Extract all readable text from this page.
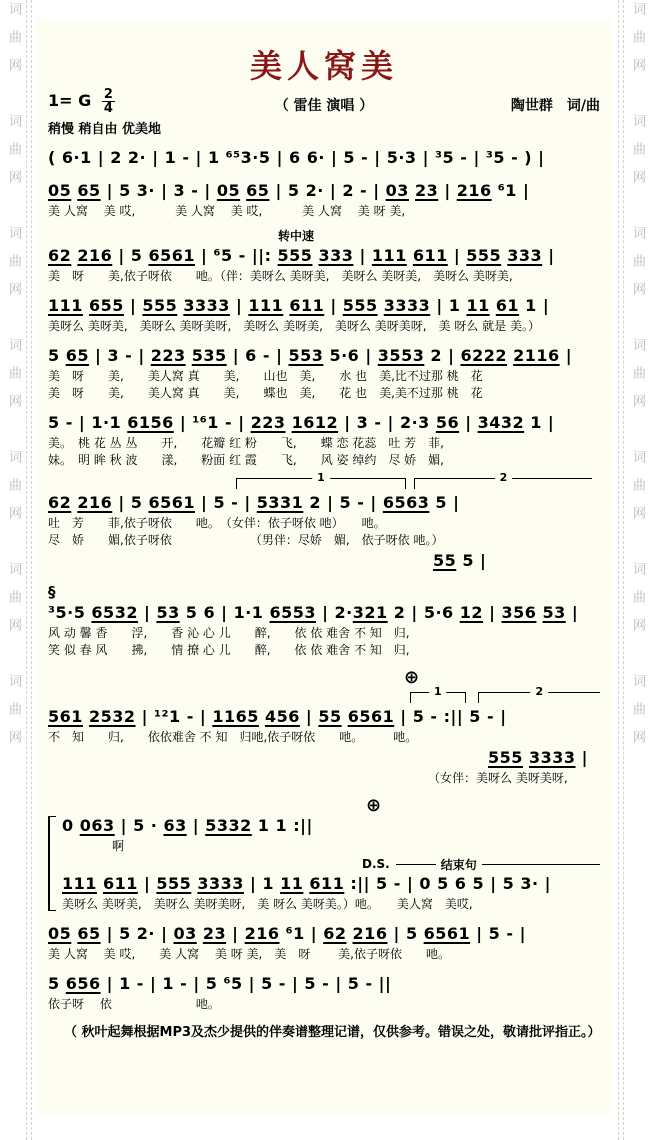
词曲网　词曲网　词曲网　词曲网　词曲网　词曲网　词曲网	词曲网　词曲网　词曲网　词曲网　词曲网　词曲网　词曲网
美人窝美
1= G $\frac{2}{4}$	（ 雷佳 演唱 ）	陶世群　词/曲
稍慢 稍自由 优美地
( 6·1 | 2 2· | 1 - | 1 ⁶⁵3·5 | 6 6· | 5 - | 5·3 | ³5 - | ³5 - ) |
05 65 | 5 3· | 3 - | 05 65 | 5 2· | 2 - | 03 23 | 216 ⁶1 |
美 人窝　 美 哎,　　　 美 人窝　 美 哎,　　　 美 人窝　 美 呀 美,
转中速
62 216 | 5 6561 | ⁶5 - ||: 555 333 | 111 611 | 555 333 |
美　呀　　美,依子呀依　　吔。（伴：美呀么 美呀美,　美呀么 美呀美,　美呀么 美呀美,
111 655 | 555 3333 | 111 611 | 555 3333 | 1 11 61 1 |
美呀么 美呀美,　美呀么 美呀美呀,　美呀么 美呀美,　美呀么 美呀美呀,　美 呀么 就是 美。）
5 65 | 3 - | 223 535 | 6 - | 553 5·6 | 3553 2 | 6222 2116 |
美　呀　　美,　　美人窝 真　　美,　　山也　美,　　水 也　美,比不过那 桃　花
美　呀　　美,　　美人窝 真　　美,　　蝶也　美,　　花 也　美,美不过那 桃　花
5 - | 1·1 6156 | ¹⁶1 - | 223 1612 | 3 - | 2·3 56 | 3432 1 |
美。　桃 花 丛 丛　　开,　　花瓣 红 粉　　飞,　　蝶 恋 花蕊　吐 芳　菲,
妹。　明 眸 秋 波　　漾,　　粉面 红 霞　　飞,　　风 姿 绰约　尽 娇　媚,
1	2
62 216 | 5 6561 | 5 - | 5331 2 | 5 - | 6563 5 |
吐　芳　　菲,依子呀依　　吔。　（女伴：依子呀依 吔）　　吔。
尽　娇　　媚,依子呀依　　　　　　　（男伴：尽娇　媚,　依子呀依 吔。）
55 5 |
§
³5·5 6532 | 53 5 6 | 1·1 6553 | 2·321 2 | 5·6 12 | 356 53 |
风 动 馨 香　　浮,　　香 沁 心 儿　　醉,　　依 依 难舍 不 知　归,
笑 似 春 风　　拂,　　情 撩 心 儿　　醉,　　依 依 难舍 不 知　归,
⊕
1	2
561 2532 | ¹²1 - | 1165 456 | 55 6561 | 5 - :|| 5 - |
不　知　　归,　　依依难舍 不 知　归吔,依子呀依　　吔。　　　吔。
555 3333 |
（女伴：美呀么 美呀美呀,
⊕
0 063 | 5 · 63 | 5332 1 1 :||
啊
D.S.	结束句
111 611 | 555 3333 | 1 11 611 :|| 5 - | 0 5 6 5 | 5 3· |
美呀么 美呀美,　美呀么 美呀美呀,　美 呀么 美呀美。）吔。　　美人窝　美哎,
05 65 | 5 2· | 03 23 | 216 ⁶1 | 62 216 | 5 6561 | 5 - |
美 人窝　 美 哎,　　美 人窝　 美 呀 美,　美　呀　　 美,依子呀依　　吔。
5 656 | 1 - | 1 - | 5 ⁶5 | 5 - | 5 - | 5 - ||
依子呀　 依　　　　　　　吔。
（ 秋叶起舞根据MP3及杰少提供的伴奏谱整理记谱，仅供参考。错误之处，敬请批评指正。）
